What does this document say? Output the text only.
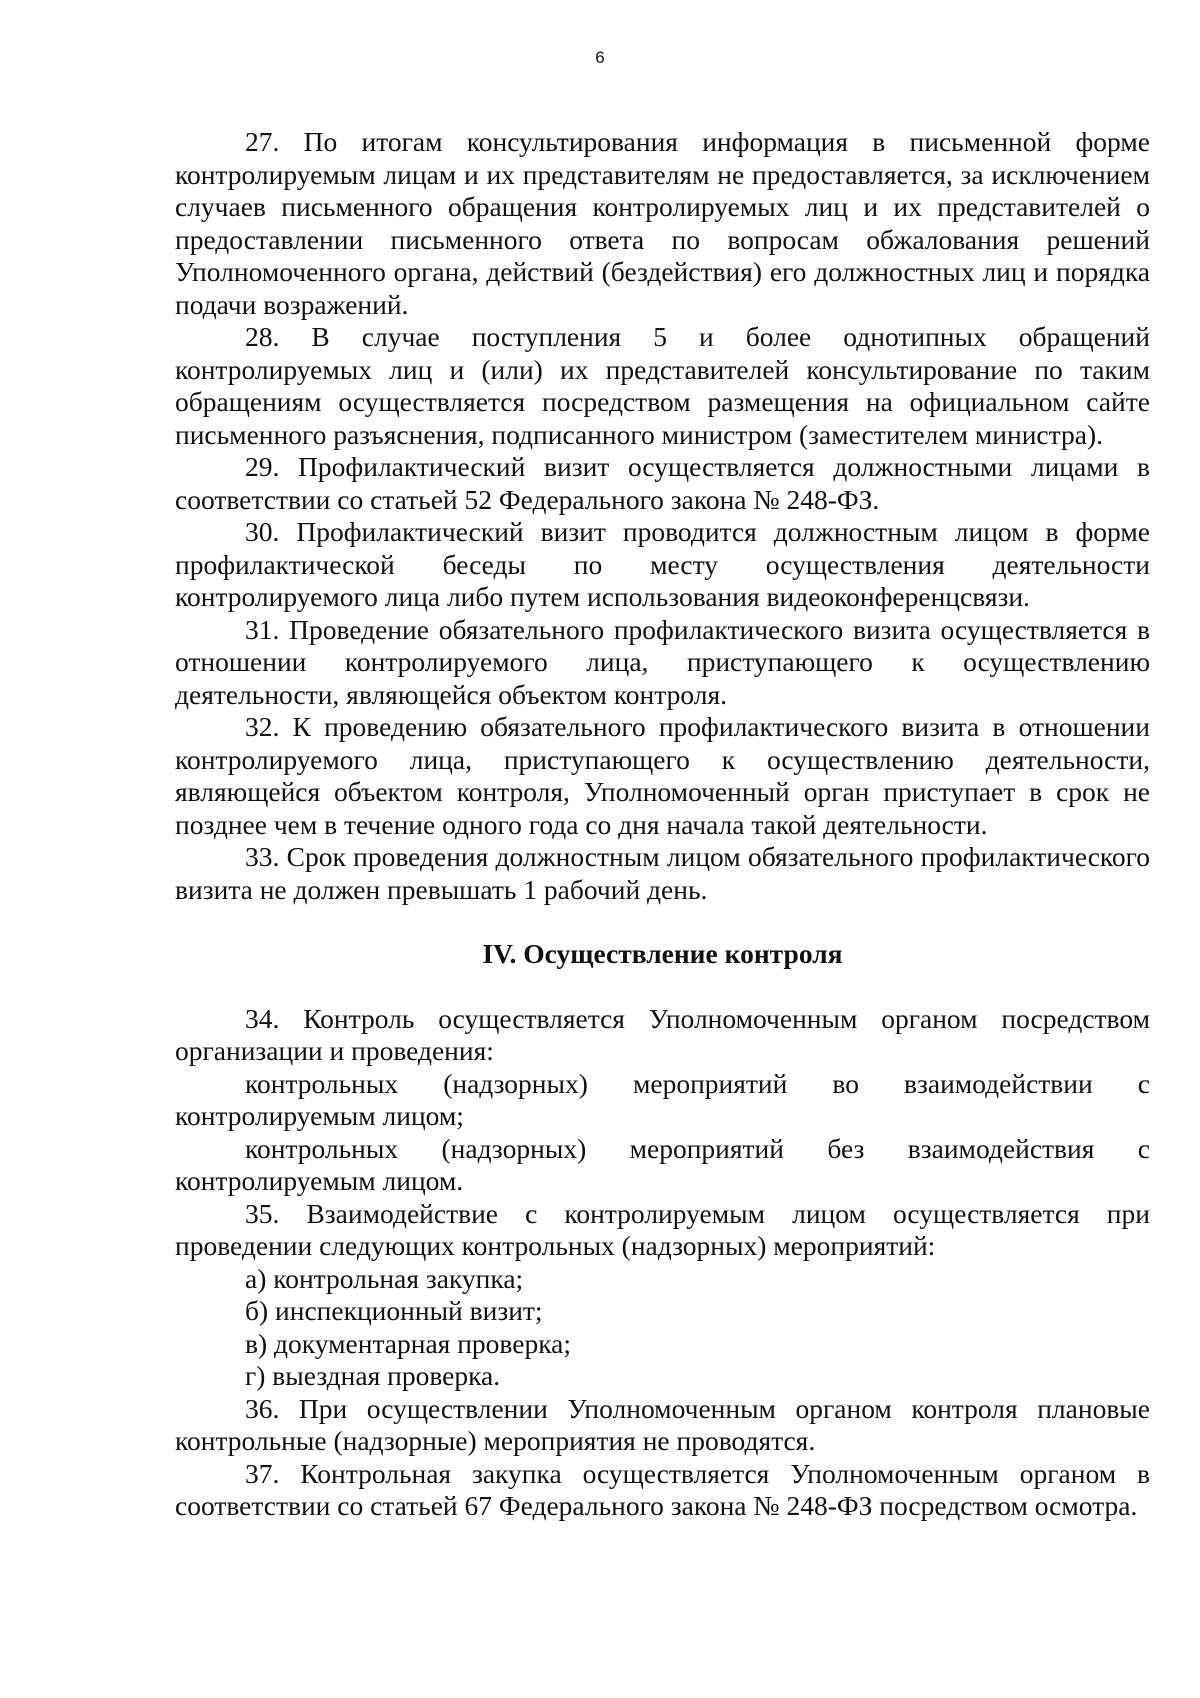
6

27. По итогам консультирования информация в письменной форме контролируемым лицам и их представителям не предоставляется, за исключением случаев письменного обращения контролируемых лиц и их представителей о предоставлении письменного ответа по вопросам обжалования решений Уполномоченного органа, действий (бездействия) его должностных лиц и порядка подачи возражений.

28. В случае поступления 5 и более однотипных обращений контролируемых лиц и (или) их представителей консультирование по таким обращениям осуществляется посредством размещения на официальном сайте письменного разъяснения, подписанного министром (заместителем министра).

29. Профилактический визит осуществляется должностными лицами в соответствии со статьей 52 Федерального закона № 248-ФЗ.

30. Профилактический визит проводится должностным лицом в форме профилактической беседы по месту осуществления деятельности контролируемого лица либо путем использования видеоконференцсвязи.

31. Проведение обязательного профилактического визита осуществляется в отношении контролируемого лица, приступающего к осуществлению деятельности, являющейся объектом контроля.

32. К проведению обязательного профилактического визита в отношении контролируемого лица, приступающего к осуществлению деятельности, являющейся объектом контроля, Уполномоченный орган приступает в срок не позднее чем в течение одного года со дня начала такой деятельности.

33. Срок проведения должностным лицом обязательного профилактического визита не должен превышать 1 рабочий день.

IV. Осуществление контроля

34. Контроль осуществляется Уполномоченным органом посредством организации и проведения:

контрольных (надзорных) мероприятий во взаимодействии с контролируемым лицом;

контрольных (надзорных) мероприятий без взаимодействия с контролируемым лицом.

35. Взаимодействие с контролируемым лицом осуществляется при проведении следующих контрольных (надзорных) мероприятий:

а) контрольная закупка;

б) инспекционный визит;

в) документарная проверка;

г) выездная проверка.

36. При осуществлении Уполномоченным органом контроля плановые контрольные (надзорные) мероприятия не проводятся.

37. Контрольная закупка осуществляется Уполномоченным органом в соответствии со статьей 67 Федерального закона № 248-ФЗ посредством осмотра.
